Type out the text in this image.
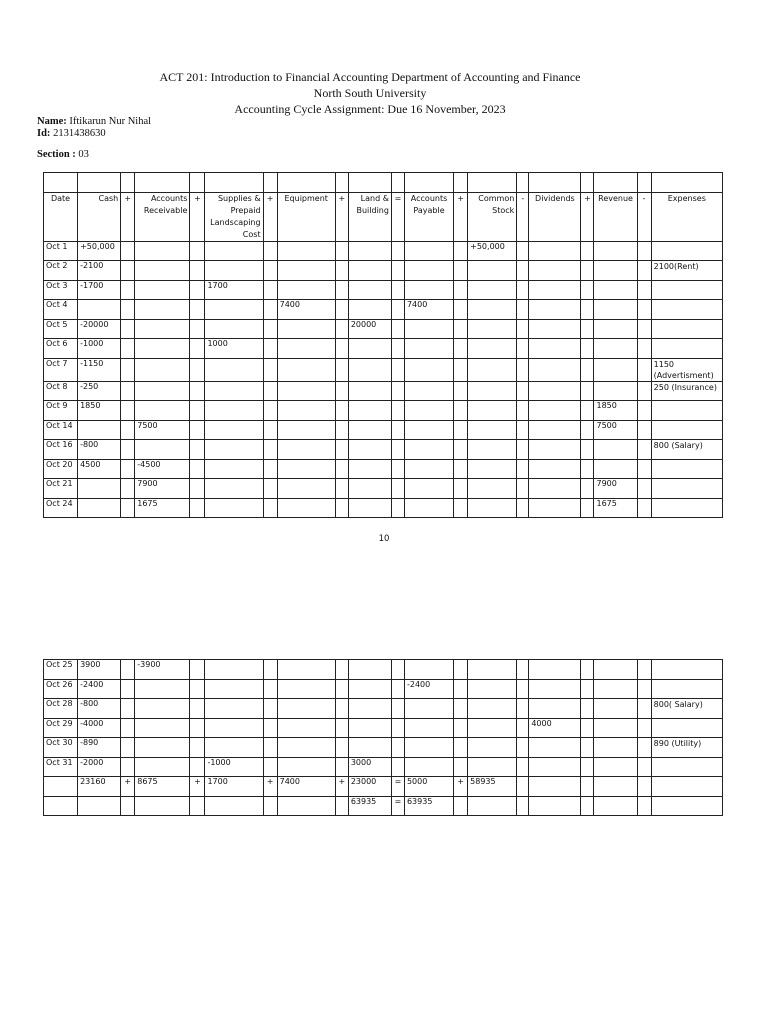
ACT 201: Introduction to Financial Accounting Department of Accounting and Finance
North South University
Accounting Cycle Assignment: Due 16 November, 2023
Name: Iftikarun Nur Nihal
Id: 2131438630
Section : 03

Date	Cash	+	Accounts Receivable	+	Supplies & Prepaid Landscaping Cost	+	Equipment	+	Land & Building	=	Accounts Payable	+	Common Stock	-	Dividends	+	Revenue	-	Expenses
Oct 1	+50,000												+50,000						
Oct 2	-2100																		2100(Rent)
Oct 3	-1700				1700														
Oct 4							7400				7400								
Oct 5	-20000								20000										
Oct 6	-1000				1000														
Oct 7	-1150																		1150 (Advertisment)
Oct 8	-250																		250 (Insurance)
Oct 9	1850																1850		
Oct 14			7500														7500		
Oct 16	-800																		800 (Salary)
Oct 20	4500		-4500																
Oct 21			7900														7900		
Oct 24			1675														1675		
10
Oct 25	3900		-3900																
Oct 26	-2400										-2400								
Oct 28	-800																		800( Salary)
Oct 29	-4000														4000				
Oct 30	-890																		890 (Utility)
Oct 31	-2000				-1000				3000										
	23160	+	8675	+	1700	+	7400	+	23000	=	5000	+	58935						
									63935	=	63935								
